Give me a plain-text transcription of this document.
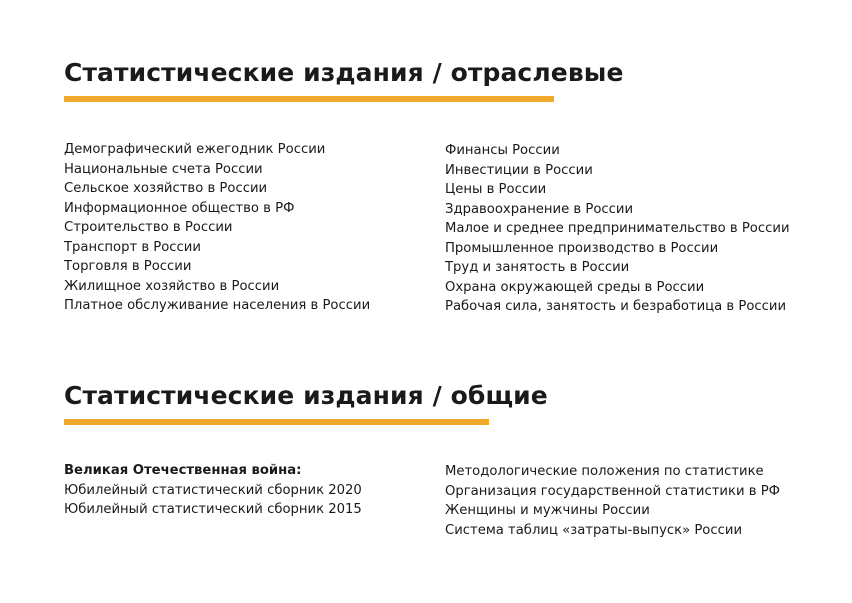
Статистические издания / отраслевые
Демографический ежегодник России
Национальные счета России
Сельское хозяйство в России
Информационное общество в РФ
Строительство в России
Транспорт в России
Торговля в России
Жилищное хозяйство в России
Платное обслуживание населения в России
Финансы России
Инвестиции в России
Цены в России
Здравоохранение в России
Малое и среднее предпринимательство в России
Промышленное производство в России
Труд и занятость в России
Охрана окружающей среды в России
Рабочая сила, занятость и безработица в России
Статистические издания / общие
Великая Отечественная война:
Юбилейный статистический сборник 2020
Юбилейный статистический сборник 2015
Методологические положения по статистике
Организация государственной статистики в РФ
Женщины и мужчины России
Система таблиц «затраты-выпуск» России
